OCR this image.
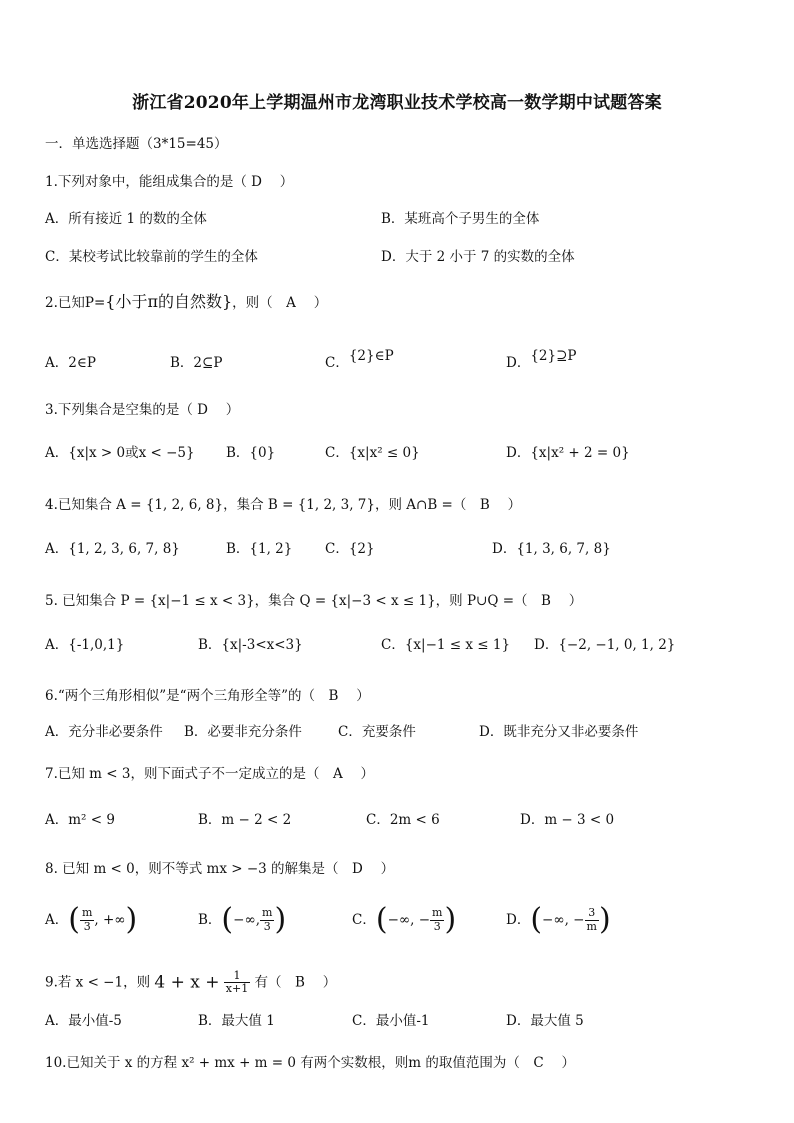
浙江省2020年上学期温州市龙湾职业技术学校高一数学期中试题答案
一．单选选择题（3*15=45）
1.下列对象中，能组成集合的是（ D　 ）
A．所有接近 1 的数的全体	B．某班高个子男生的全体
C．某校考试比较靠前的学生的全体	D．大于 2 小于 7 的实数的全体
2.已知P={小于π的自然数}，则（　A　 ）
A．2∈P	B．2⊆P	C．{2}∈P	D．{2}⊇P
3.下列集合是空集的是（ D　 ）
A．{x|x > 0或x < −5} B．{0}	C．{x|x² ≤ 0}	D．{x|x² + 2 = 0}
4.已知集合 A = {1, 2, 6, 8}，集合 B = {1, 2, 3, 7}，则 A∩B =（　B　 ）
A．{1, 2, 3, 6, 7, 8}	B．{1, 2} C．{2}	D．{1, 3, 6, 7, 8}
5. 已知集合 P = {x|−1 ≤ x < 3}，集合 Q = {x|−3 < x ≤ 1}，则 P∪Q =（　B　 ）
A．{-1,0,1}	B．{x|-3<x<3}	C．{x|−1 ≤ x ≤ 1} D．{−2, −1, 0, 1, 2}
6.“两个三角形相似”是“两个三角形全等”的（　B　 ）
A．充分非必要条件 B．必要非充分条件	C．充要条件	D．既非充分又非必要条件
7.已知 m < 3，则下面式子不一定成立的是（　A　 ）
A．m² < 9	B．m − 2 < 2	C．2m < 6	D．m − 3 < 0
8. 已知 m < 0，则不等式 mx > −3 的解集是（　D　 ）
A．( $\frac{m}{3}$ , +∞)	B．(−∞, $\frac{m}{3}$ )	C．(−∞, − $\frac{m}{3}$ )	D．(−∞, − $\frac{3}{m}$ )
9.若 x < −1，则 $4 + x + \frac{1}{x+1}$ 有（　B　 ）
A．最小值-5	B．最大值 1	C．最小值-1	D．最大值 5
10.已知关于 x 的方程 x² + mx + m = 0 有两个实数根，则m 的取值范围为（　C　 ）
